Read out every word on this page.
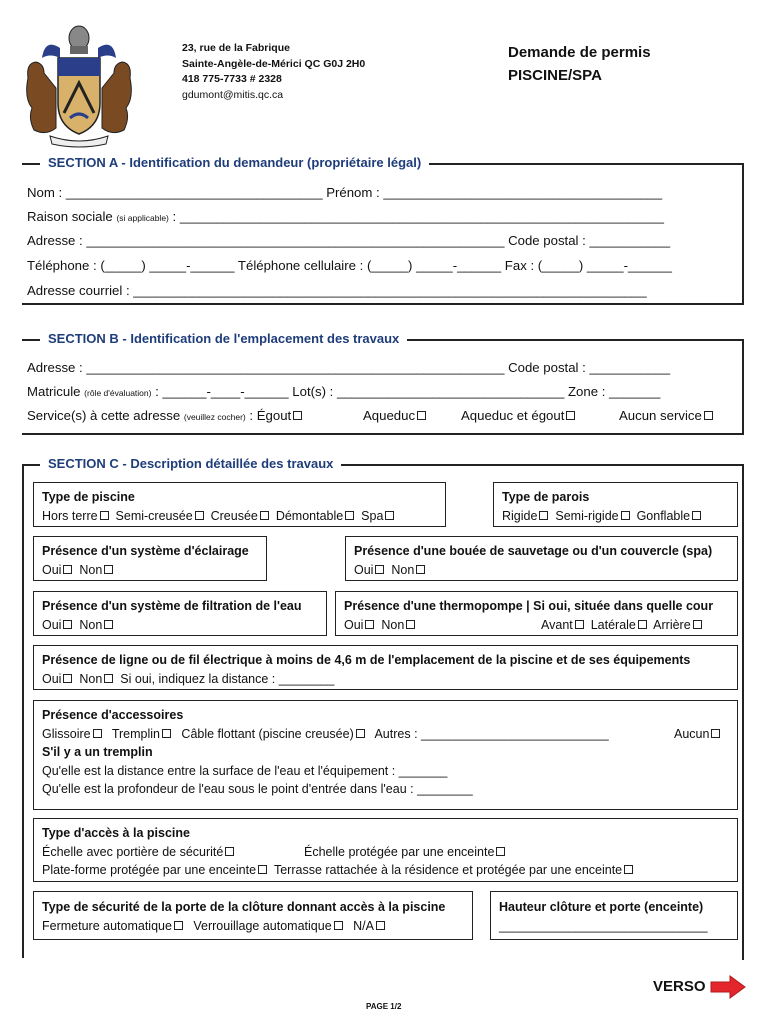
23, rue de la Fabrique
Sainte-Angèle-de-Mérici QC G0J 2H0
418 775-7733 # 2328
gdumont@mitis.qc.ca
Demande de permis
PISCINE/SPA
SECTION A - Identification du demandeur (propriétaire légal)
Nom : ___________________________________ Prénom : ______________________________________
Raison sociale (si applicable) : __________________________________________________________________
Adresse : _________________________________________________________ Code postal : ___________
Téléphone : (_____) _____-______ Téléphone cellulaire : (_____) _____-______ Fax : (_____) _____-______
Adresse courriel : ______________________________________________________________________
SECTION B - Identification de l'emplacement des travaux
Adresse : _________________________________________________________ Code postal : ___________
Matricule (rôle d'évaluation) : ______-____-______ Lot(s) : _______________________________ Zone : _______
Service(s) à cette adresse (veuillez cocher) : Égout	Aqueduc	Aqueduc et égout	Aucun service
SECTION C - Description détaillée des travaux
Type de piscine
Hors terre Semi-creusée Creusée Démontable Spa
Type de parois
Rigide Semi-rigide Gonflable
Présence d'un système d'éclairage
Oui Non
Présence d'une bouée de sauvetage ou d'un couvercle (spa)
Oui Non
Présence d'un système de filtration de l'eau
Oui Non
Présence d'une thermopompe | Si oui, située dans quelle cour
Oui Non	Avant Latérale Arrière
Présence de ligne ou de fil électrique à moins de 4,6 m de l'emplacement de la piscine et de ses équipements
Oui Non Si oui, indiquez la distance : ________
Présence d'accessoires
Glissoire Tremplin Câble flottant (piscine creusée) Autres : ___________________________	Aucun
S'il y a un tremplin
Qu'elle est la distance entre la surface de l'eau et l'équipement : _______
Qu'elle est la profondeur de l'eau sous le point d'entrée dans l'eau : ________
Type d'accès à la piscine
Échelle avec portière de sécurité	Échelle protégée par une enceinte
Plate-forme protégée par une enceinte Terrasse rattachée à la résidence et protégée par une enceinte
Type de sécurité de la porte de la clôture donnant accès à la piscine
Fermeture automatique Verrouillage automatique N/A
Hauteur clôture et porte (enceinte)
______________________________
VERSO
PAGE 1/2
